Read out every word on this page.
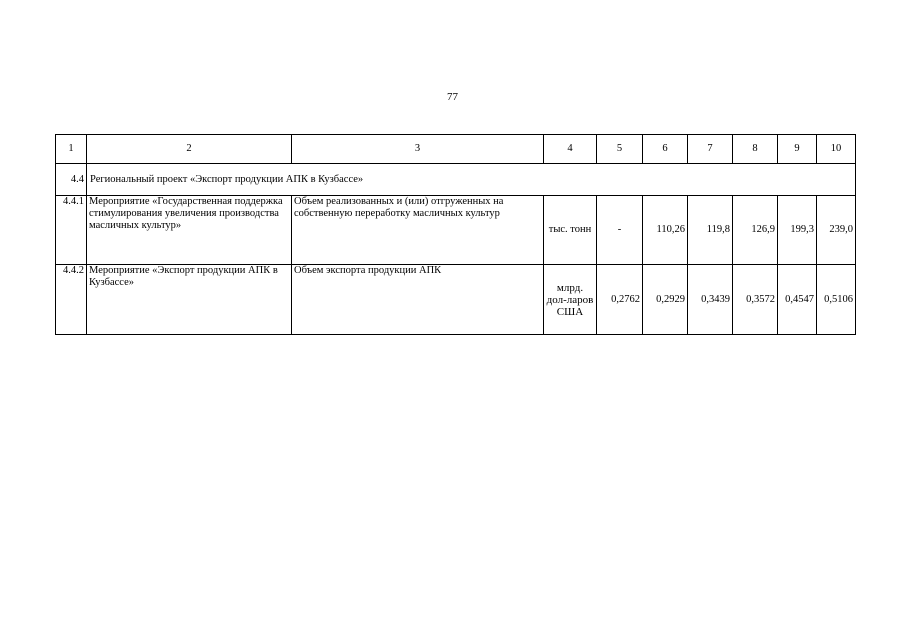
77
1	2	3	4	5	6	7	8	9	10
4.4	Региональный проект «Экспорт продукции АПК в Кузбассе»								
4.4.1	Мероприятие «Государственная поддержка стимулирования увеличения производства масличных культур»	Объем реализованных и (или) отгруженных на собственную переработку масличных культур	тыс. тонн	-	110,26	119,8	126,9	199,3	239,0
4.4.2	Мероприятие «Экспорт продукции АПК в Кузбассе»	Объем экспорта продукции АПК	млрд. дол-ларов США	0,2762	0,2929	0,3439	0,3572	0,4547	0,5106
